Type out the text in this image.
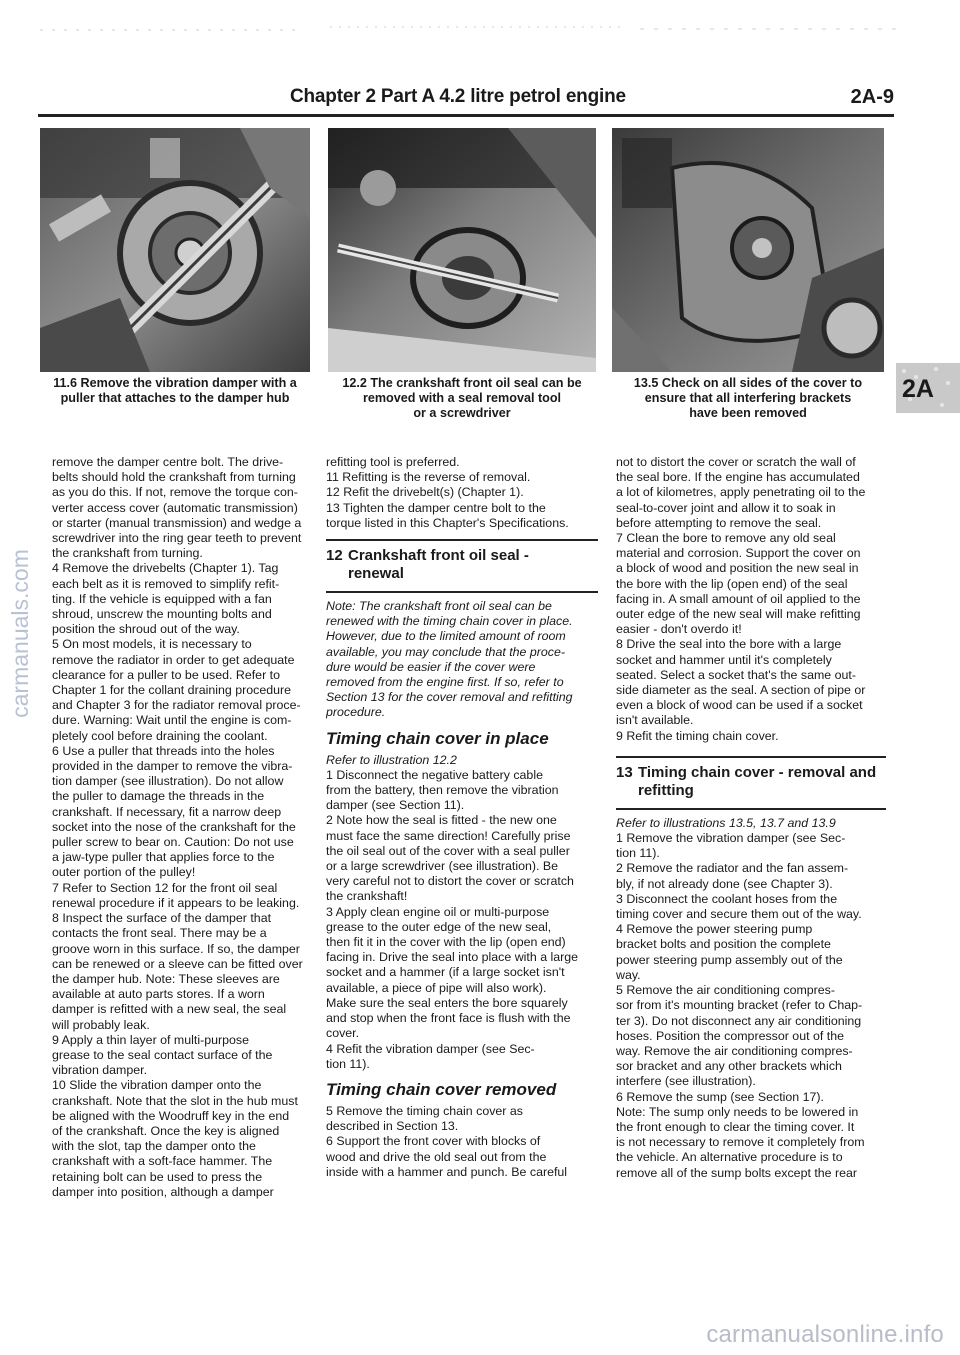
Chapter 2 Part A 4.2 litre petrol engine	2A-9
11.6 Remove the vibration damper with a
puller that attaches to the damper hub
12.2 The crankshaft front oil seal can be
removed with a seal removal tool
or a screwdriver
13.5 Check on all sides of the cover to
ensure that all interfering brackets
have been removed
2A
remove the damper centre bolt. The drive-
belts should hold the crankshaft from turning
as you do this. If not, remove the torque con-
verter access cover (automatic transmission)
or starter (manual transmission) and wedge a
screwdriver into the ring gear teeth to prevent
the crankshaft from turning.
4 Remove the drivebelts (Chapter 1). Tag
each belt as it is removed to simplify refit-
ting. If the vehicle is equipped with a fan
shroud, unscrew the mounting bolts and
position the shroud out of the way.
5 On most models, it is necessary to
remove the radiator in order to get adequate
clearance for a puller to be used. Refer to
Chapter 1 for the collant draining procedure
and Chapter 3 for the radiator removal proce-
dure. Warning: Wait until the engine is com-
pletely cool before draining the coolant.
6 Use a puller that threads into the holes
provided in the damper to remove the vibra-
tion damper (see illustration). Do not allow
the puller to damage the threads in the
crankshaft. If necessary, fit a narrow deep
socket into the nose of the crankshaft for the
puller screw to bear on. Caution: Do not use
a jaw-type puller that applies force to the
outer portion of the pulley!
7 Refer to Section 12 for the front oil seal
renewal procedure if it appears to be leaking.
8 Inspect the surface of the damper that
contacts the front seal. There may be a
groove worn in this surface. If so, the damper
can be renewed or a sleeve can be fitted over
the damper hub. Note: These sleeves are
available at auto parts stores. If a worn
damper is refitted with a new seal, the seal
will probably leak.
9 Apply a thin layer of multi-purpose
grease to the seal contact surface of the
vibration damper.
10 Slide the vibration damper onto the
crankshaft. Note that the slot in the hub must
be aligned with the Woodruff key in the end
of the crankshaft. Once the key is aligned
with the slot, tap the damper onto the
crankshaft with a soft-face hammer. The
retaining bolt can be used to press the
damper into position, although a damper
refitting tool is preferred.
11 Refitting is the reverse of removal.
12 Refit the drivebelt(s) (Chapter 1).
13 Tighten the damper centre bolt to the
torque listed in this Chapter's Specifications.
12 Crankshaft front oil seal -
renewal
Note: The crankshaft front oil seal can be
renewed with the timing chain cover in place.
However, due to the limited amount of room
available, you may conclude that the proce-
dure would be easier if the cover were
removed from the engine first. If so, refer to
Section 13 for the cover removal and refitting
procedure.
Timing chain cover in place
Refer to illustration 12.2
1 Disconnect the negative battery cable
from the battery, then remove the vibration
damper (see Section 11).
2 Note how the seal is fitted - the new one
must face the same direction! Carefully prise
the oil seal out of the cover with a seal puller
or a large screwdriver (see illustration). Be
very careful not to distort the cover or scratch
the crankshaft!
3 Apply clean engine oil or multi-purpose
grease to the outer edge of the new seal,
then fit it in the cover with the lip (open end)
facing in. Drive the seal into place with a large
socket and a hammer (if a large socket isn't
available, a piece of pipe will also work).
Make sure the seal enters the bore squarely
and stop when the front face is flush with the
cover.
4 Refit the vibration damper (see Sec-
tion 11).
Timing chain cover removed
5 Remove the timing chain cover as
described in Section 13.
6 Support the front cover with blocks of
wood and drive the old seal out from the
inside with a hammer and punch. Be careful
not to distort the cover or scratch the wall of
the seal bore. If the engine has accumulated
a lot of kilometres, apply penetrating oil to the
seal-to-cover joint and allow it to soak in
before attempting to remove the seal.
7 Clean the bore to remove any old seal
material and corrosion. Support the cover on
a block of wood and position the new seal in
the bore with the lip (open end) of the seal
facing in. A small amount of oil applied to the
outer edge of the new seal will make refitting
easier - don't overdo it!
8 Drive the seal into the bore with a large
socket and hammer until it's completely
seated. Select a socket that's the same out-
side diameter as the seal. A section of pipe or
even a block of wood can be used if a socket
isn't available.
9 Refit the timing chain cover.
13 Timing chain cover - removal and
refitting
Refer to illustrations 13.5, 13.7 and 13.9
1 Remove the vibration damper (see Sec-
tion 11).
2 Remove the radiator and the fan assem-
bly, if not already done (see Chapter 3).
3 Disconnect the coolant hoses from the
timing cover and secure them out of the way.
4 Remove the power steering pump
bracket bolts and position the complete
power steering pump assembly out of the
way.
5 Remove the air conditioning compres-
sor from it's mounting bracket (refer to Chap-
ter 3). Do not disconnect any air conditioning
hoses. Position the compressor out of the
way. Remove the air conditioning compres-
sor bracket and any other brackets which
interfere (see illustration).
6 Remove the sump (see Section 17).
Note: The sump only needs to be lowered in
the front enough to clear the timing cover. It
is not necessary to remove it completely from
the vehicle. An alternative procedure is to
remove all of the sump bolts except the rear
carmanuals.com
carmanualsonline.info
